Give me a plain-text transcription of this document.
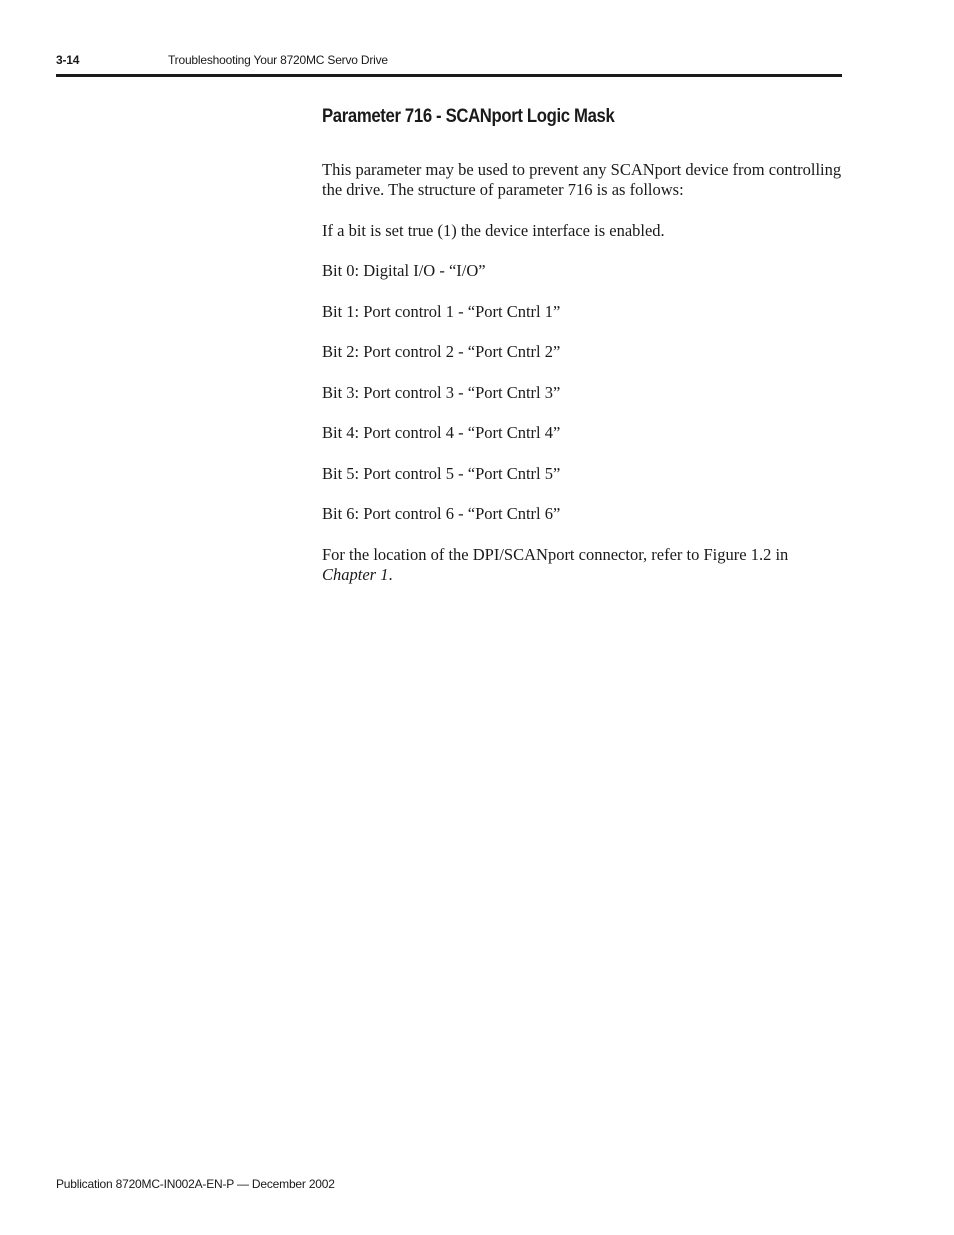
3-14	Troubleshooting Your 8720MC Servo Drive
Parameter 716 - SCANport Logic Mask

This parameter may be used to prevent any SCANport device from controlling the drive. The structure of parameter 716 is as follows:

If a bit is set true (1) the device interface is enabled.

Bit 0: Digital I/O - “I/O”
Bit 1: Port control 1 - “Port Cntrl 1”
Bit 2: Port control 2 - “Port Cntrl 2”
Bit 3: Port control 3 - “Port Cntrl 3”
Bit 4: Port control 4 - “Port Cntrl 4”
Bit 5: Port control 5 - “Port Cntrl 5”
Bit 6: Port control 6 - “Port Cntrl 6”

For the location of the DPI/SCANport connector, refer to Figure 1.2 in Chapter 1.

Publication 8720MC-IN002A-EN-P — December 2002
